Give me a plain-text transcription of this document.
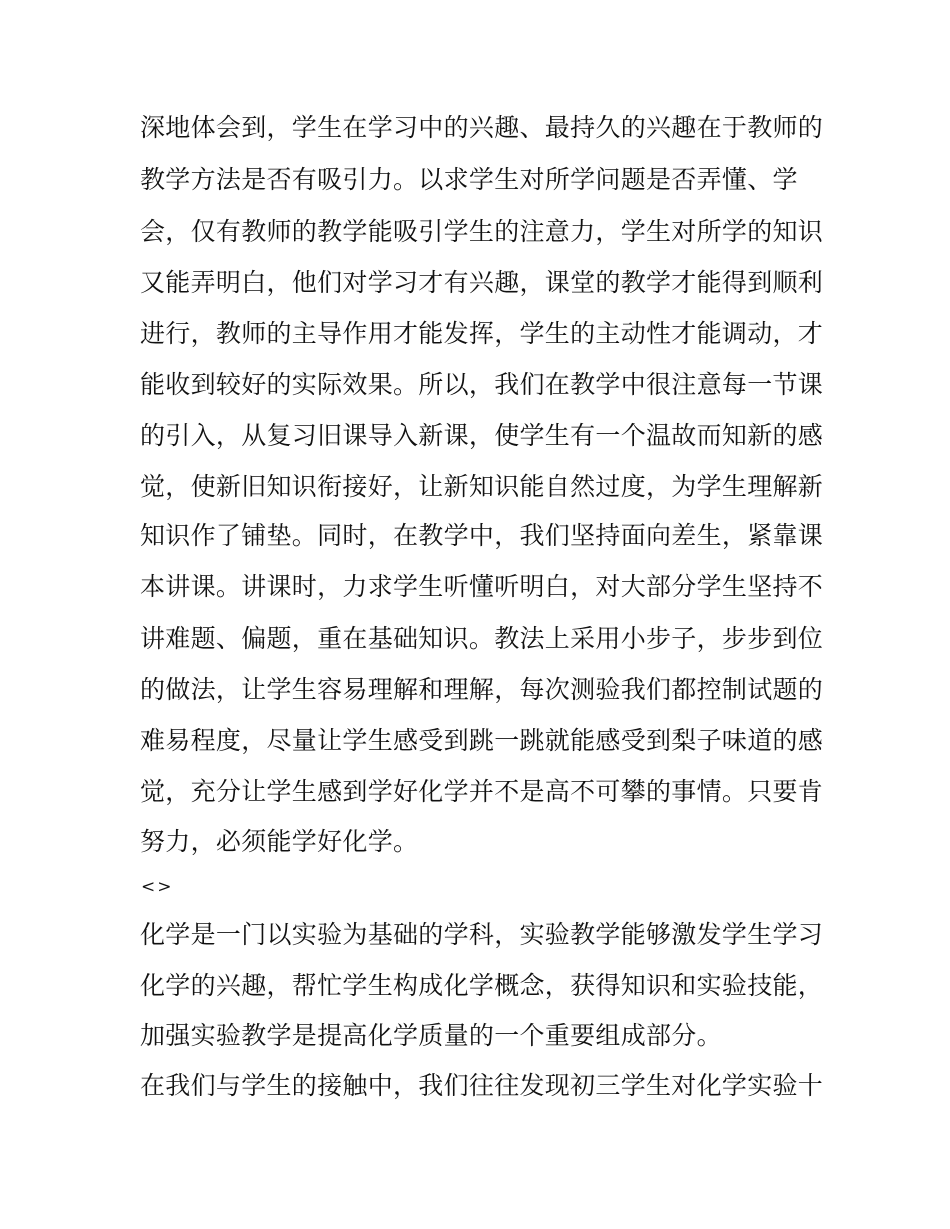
深地体会到，学生在学习中的兴趣、最持久的兴趣在于教师的
教学方法是否有吸引力。以求学生对所学问题是否弄懂、学
会，仅有教师的教学能吸引学生的注意力，学生对所学的知识
又能弄明白，他们对学习才有兴趣，课堂的教学才能得到顺利
进行，教师的主导作用才能发挥，学生的主动性才能调动，才
能收到较好的实际效果。所以，我们在教学中很注意每一节课
的引入，从复习旧课导入新课，使学生有一个温故而知新的感
觉，使新旧知识衔接好，让新知识能自然过度，为学生理解新
知识作了铺垫。同时，在教学中，我们坚持面向差生，紧靠课
本讲课。讲课时，力求学生听懂听明白，对大部分学生坚持不
讲难题、偏题，重在基础知识。教法上采用小步子，步步到位
的做法，让学生容易理解和理解，每次测验我们都控制试题的
难易程度，尽量让学生感受到跳一跳就能感受到梨子味道的感
觉，充分让学生感到学好化学并不是高不可攀的事情。只要肯
努力，必须能学好化学。
<>
化学是一门以实验为基础的学科，实验教学能够激发学生学习
化学的兴趣，帮忙学生构成化学概念，获得知识和实验技能，
加强实验教学是提高化学质量的一个重要组成部分。
在我们与学生的接触中，我们往往发现初三学生对化学实验十
